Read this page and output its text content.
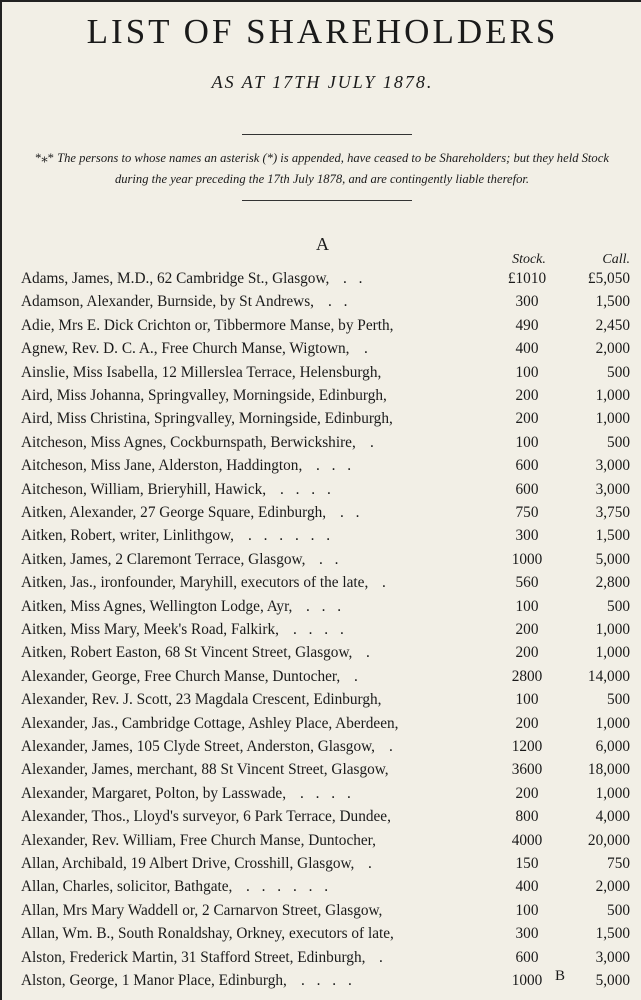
LIST OF SHAREHOLDERS
AS AT 17TH JULY 1878.
*⁎* The persons to whose names an asterisk (*) is appended, have ceased to be Shareholders; but they held Stock during the year preceding the 17th July 1878, and are contingently liable therefor.
A
Stock.	Call.
Adams, James, M.D., 62 Cambridge St., Glasgow, . .	£1010	£5,050
Adamson, Alexander, Burnside, by St Andrews, . .	300	1,500
Adie, Mrs E. Dick Crichton or, Tibbermore Manse, by Perth,	490	2,450
Agnew, Rev. D. C. A., Free Church Manse, Wigtown, .	400	2,000
Ainslie, Miss Isabella, 12 Millerslea Terrace, Helensburgh,	100	500
Aird, Miss Johanna, Springvalley, Morningside, Edinburgh,	200	1,000
Aird, Miss Christina, Springvalley, Morningside, Edinburgh,	200	1,000
Aitcheson, Miss Agnes, Cockburnspath, Berwickshire, .	100	500
Aitcheson, Miss Jane, Alderston, Haddington, . . .	600	3,000
Aitcheson, William, Brieryhill, Hawick, . . . .	600	3,000
Aitken, Alexander, 27 George Square, Edinburgh, . .	750	3,750
Aitken, Robert, writer, Linlithgow, . . . . . .	300	1,500
Aitken, James, 2 Claremont Terrace, Glasgow, . .	1000	5,000
Aitken, Jas., ironfounder, Maryhill, executors of the late, .	560	2,800
Aitken, Miss Agnes, Wellington Lodge, Ayr, . . .	100	500
Aitken, Miss Mary, Meek's Road, Falkirk, . . . .	200	1,000
Aitken, Robert Easton, 68 St Vincent Street, Glasgow, .	200	1,000
Alexander, George, Free Church Manse, Duntocher, .	2800	14,000
Alexander, Rev. J. Scott, 23 Magdala Crescent, Edinburgh,	100	500
Alexander, Jas., Cambridge Cottage, Ashley Place, Aberdeen,	200	1,000
Alexander, James, 105 Clyde Street, Anderston, Glasgow, .	1200	6,000
Alexander, James, merchant, 88 St Vincent Street, Glasgow,	3600	18,000
Alexander, Margaret, Polton, by Lasswade, . . . .	200	1,000
Alexander, Thos., Lloyd's surveyor, 6 Park Terrace, Dundee,	800	4,000
Alexander, Rev. William, Free Church Manse, Duntocher,	4000	20,000
Allan, Archibald, 19 Albert Drive, Crosshill, Glasgow, .	150	750
Allan, Charles, solicitor, Bathgate, . . . . . .	400	2,000
Allan, Mrs Mary Waddell or, 2 Carnarvon Street, Glasgow,	100	500
Allan, Wm. B., South Ronaldshay, Orkney, executors of late,	300	1,500
Alston, Frederick Martin, 31 Stafford Street, Edinburgh, .	600	3,000
Alston, George, 1 Manor Place, Edinburgh, . . . .	1000	5,000
B
